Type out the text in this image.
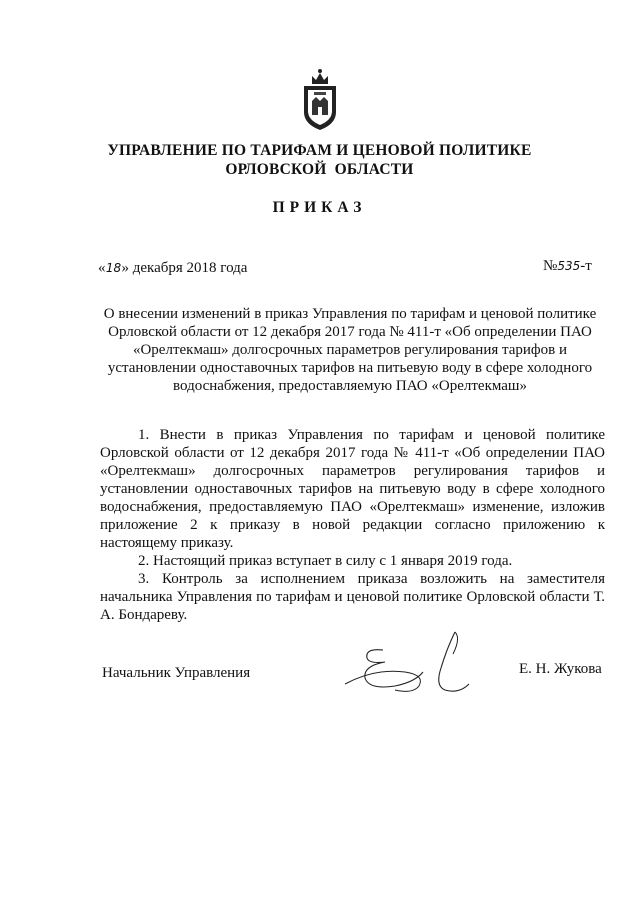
УПРАВЛЕНИЕ ПО ТАРИФАМ И ЦЕНОВОЙ ПОЛИТИКЕ
ОРЛОВСКОЙ  ОБЛАСТИ
ПРИКАЗ
«18» декабря 2018 года	№535-т
О внесении изменений в приказ Управления по тарифам и ценовой политике Орловской области от 12 декабря 2017 года № 411-т «Об определении ПАО «Орелтекмаш» долгосрочных параметров регулирования тарифов и установлении одноставочных тарифов на питьевую воду в сфере холодного водоснабжения, предоставляемую ПАО «Орелтекмаш»

1. Внести в приказ Управления по тарифам и ценовой политике Орловской области от 12 декабря 2017 года № 411-т «Об определении ПАО «Орелтекмаш» долгосрочных параметров регулирования тарифов и установлении одноставочных тарифов на питьевую воду в сфере холодного водоснабжения, предоставляемую ПАО «Орелтекмаш» изменение, изложив приложение 2 к приказу в новой редакции согласно приложению к настоящему приказу.

2. Настоящий приказ вступает в силу с 1 января 2019 года.

3. Контроль за исполнением приказа возложить на заместителя начальника Управления по тарифам и ценовой политике Орловской области Т. А. Бондареву.

Начальник Управления	Е. Н. Жукова
